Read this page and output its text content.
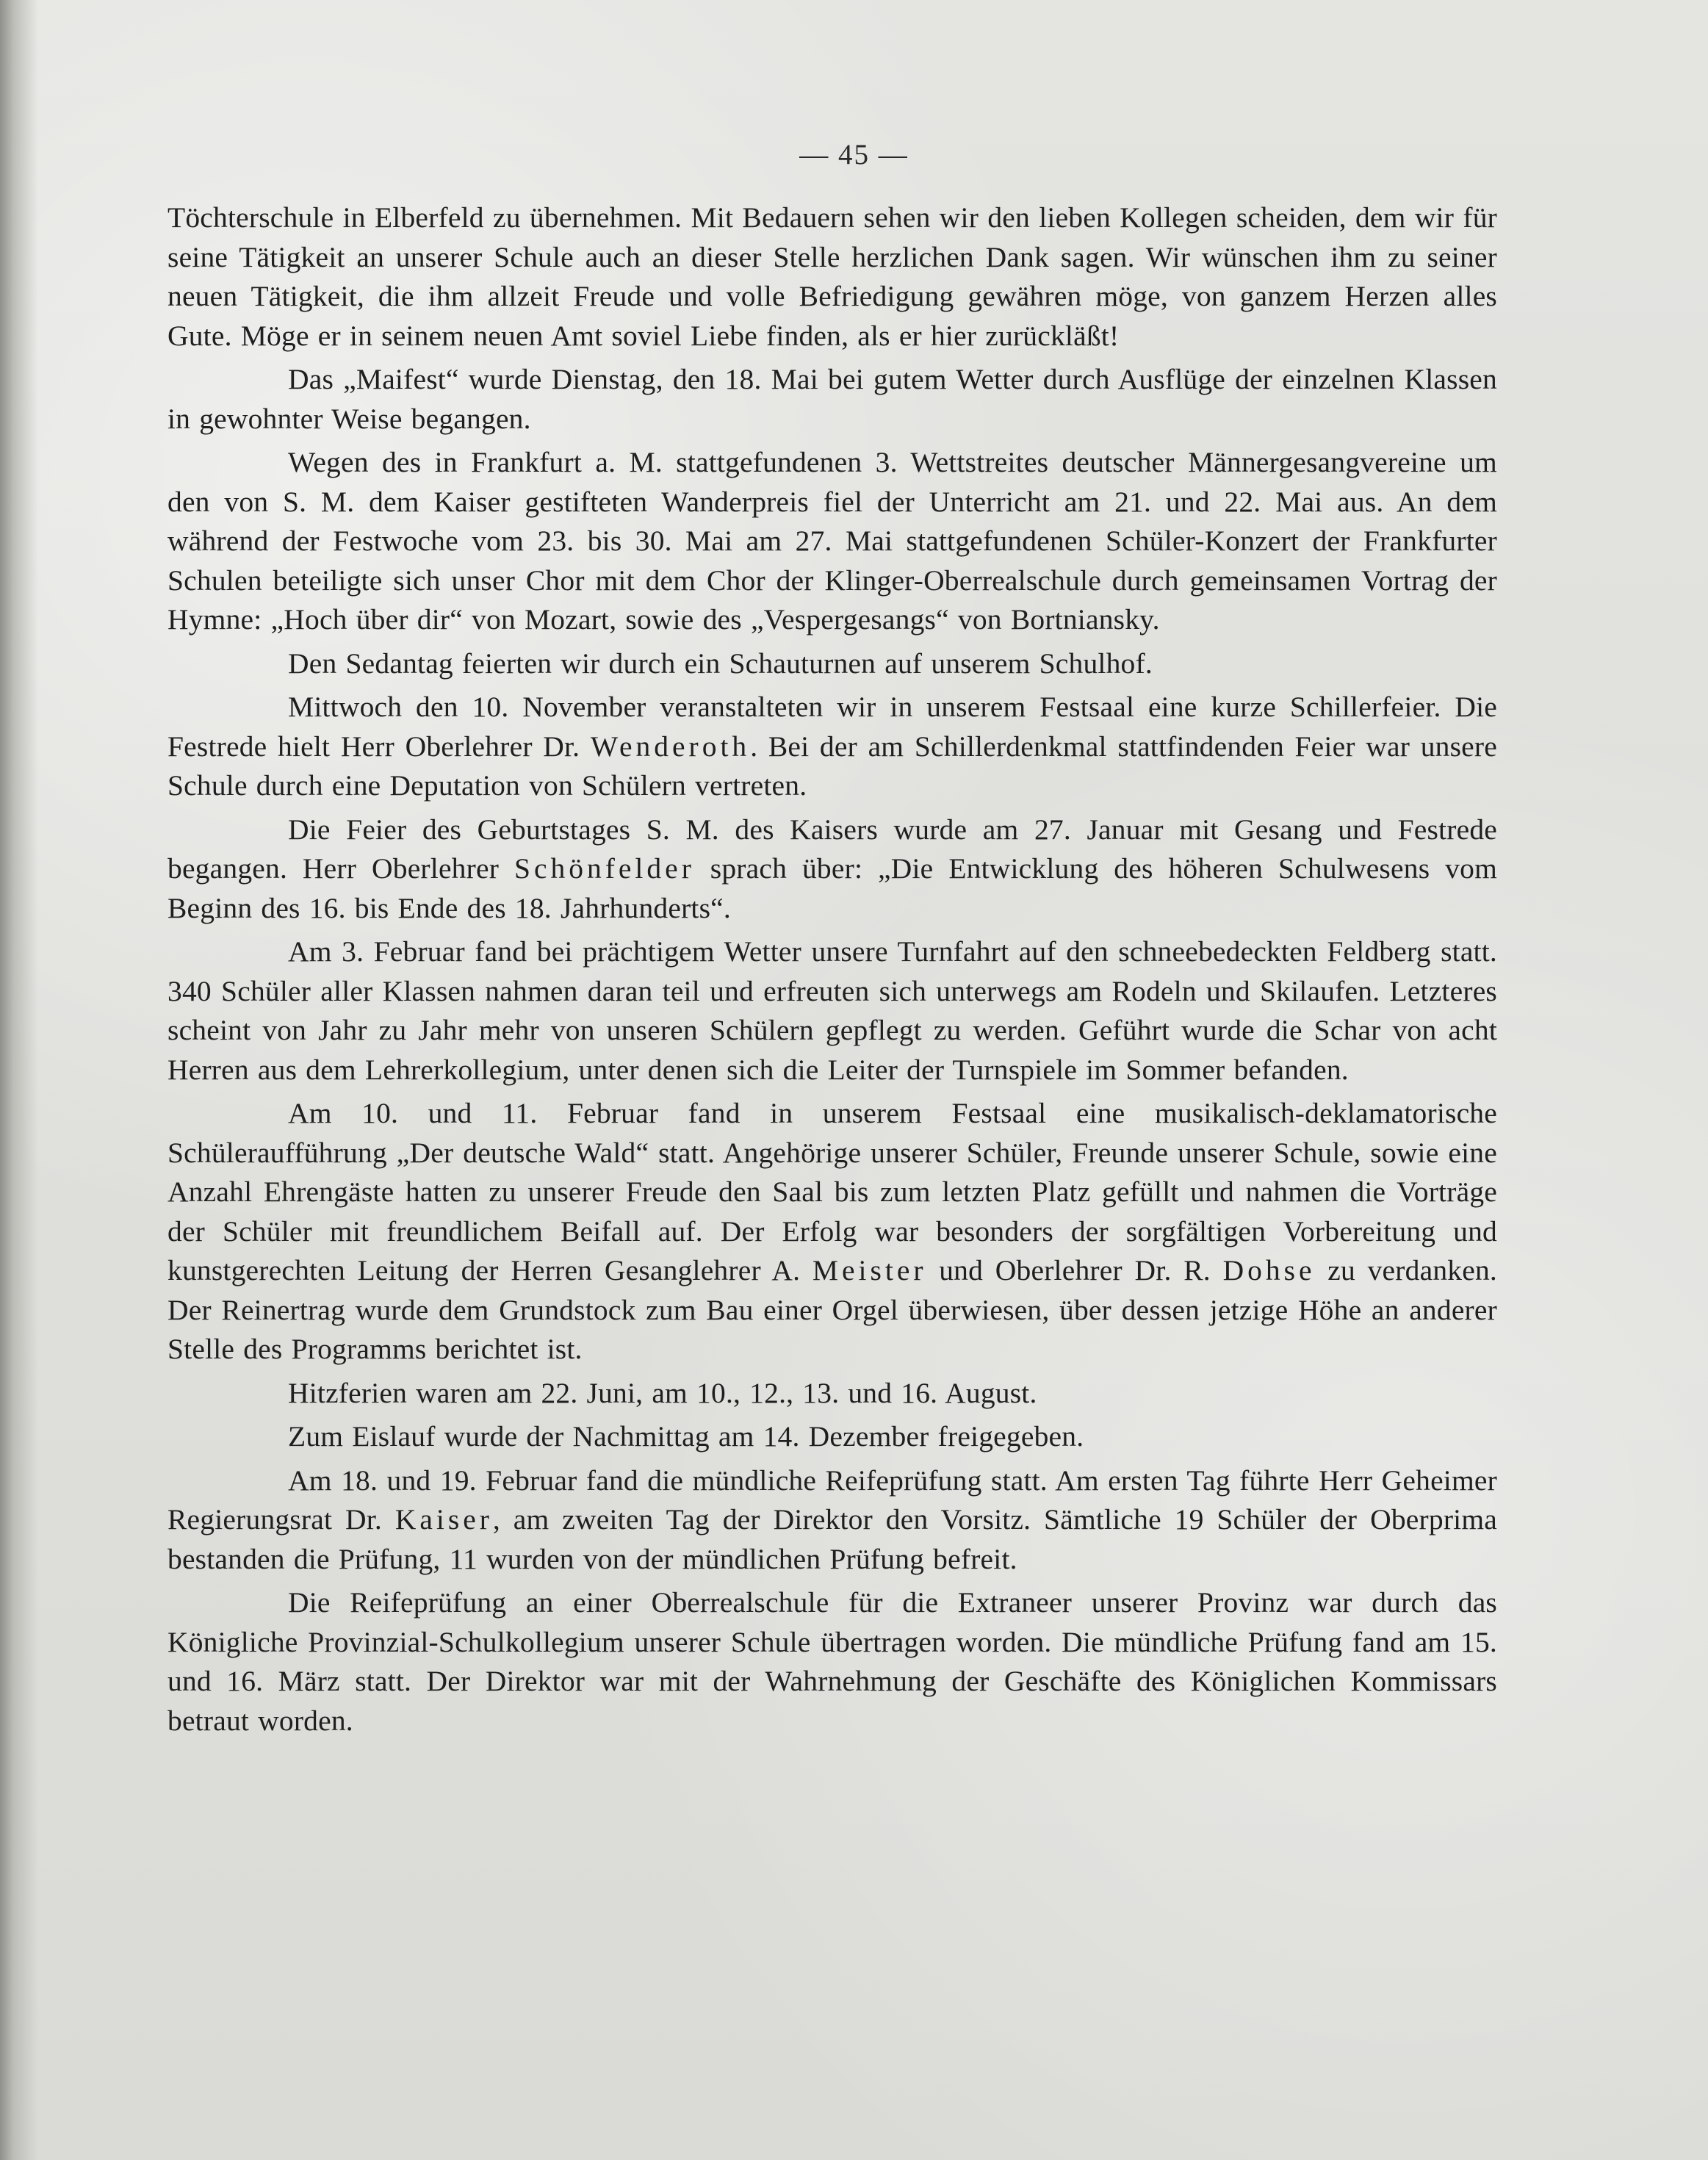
— 45 —

Töchterschule in Elberfeld zu übernehmen. Mit Bedauern sehen wir den lieben Kollegen scheiden, dem wir für seine Tätigkeit an unserer Schule auch an dieser Stelle herzlichen Dank sagen. Wir wünschen ihm zu seiner neuen Tätigkeit, die ihm allzeit Freude und volle Befriedigung gewähren möge, von ganzem Herzen alles Gute. Möge er in seinem neuen Amt soviel Liebe finden, als er hier zurückläßt!

Das „Maifest“ wurde Dienstag, den 18. Mai bei gutem Wetter durch Ausflüge der einzelnen Klassen in gewohnter Weise begangen.

Wegen des in Frankfurt a. M. stattgefundenen 3. Wettstreites deutscher Männergesangvereine um den von S. M. dem Kaiser gestifteten Wanderpreis fiel der Unterricht am 21. und 22. Mai aus. An dem während der Festwoche vom 23. bis 30. Mai am 27. Mai stattgefundenen Schüler-Konzert der Frankfurter Schulen beteiligte sich unser Chor mit dem Chor der Klinger-Oberrealschule durch gemeinsamen Vortrag der Hymne: „Hoch über dir“ von Mozart, sowie des „Vespergesangs“ von Bortniansky.

Den Sedantag feierten wir durch ein Schauturnen auf unserem Schulhof.

Mittwoch den 10. November veranstalteten wir in unserem Festsaal eine kurze Schillerfeier. Die Festrede hielt Herr Oberlehrer Dr. Wenderoth. Bei der am Schillerdenkmal stattfindenden Feier war unsere Schule durch eine Deputation von Schülern vertreten.

Die Feier des Geburtstages S. M. des Kaisers wurde am 27. Januar mit Gesang und Festrede begangen. Herr Oberlehrer Schönfelder sprach über: „Die Entwicklung des höheren Schulwesens vom Beginn des 16. bis Ende des 18. Jahrhunderts“.

Am 3. Februar fand bei prächtigem Wetter unsere Turnfahrt auf den schneebedeckten Feldberg statt. 340 Schüler aller Klassen nahmen daran teil und erfreuten sich unterwegs am Rodeln und Skilaufen. Letzteres scheint von Jahr zu Jahr mehr von unseren Schülern gepflegt zu werden. Geführt wurde die Schar von acht Herren aus dem Lehrerkollegium, unter denen sich die Leiter der Turnspiele im Sommer befanden.

Am 10. und 11. Februar fand in unserem Festsaal eine musikalisch-deklamatorische Schüleraufführung „Der deutsche Wald“ statt. Angehörige unserer Schüler, Freunde unserer Schule, sowie eine Anzahl Ehrengäste hatten zu unserer Freude den Saal bis zum letzten Platz gefüllt und nahmen die Vorträge der Schüler mit freundlichem Beifall auf. Der Erfolg war besonders der sorgfältigen Vorbereitung und kunstgerechten Leitung der Herren Gesanglehrer A. Meister und Oberlehrer Dr. R. Dohse zu verdanken. Der Reinertrag wurde dem Grundstock zum Bau einer Orgel überwiesen, über dessen jetzige Höhe an anderer Stelle des Programms berichtet ist.

Hitzferien waren am 22. Juni, am 10., 12., 13. und 16. August.

Zum Eislauf wurde der Nachmittag am 14. Dezember freigegeben.

Am 18. und 19. Februar fand die mündliche Reifeprüfung statt. Am ersten Tag führte Herr Geheimer Regierungsrat Dr. Kaiser, am zweiten Tag der Direktor den Vorsitz. Sämtliche 19 Schüler der Oberprima bestanden die Prüfung, 11 wurden von der mündlichen Prüfung befreit.

Die Reifeprüfung an einer Oberrealschule für die Extraneer unserer Provinz war durch das Königliche Provinzial-Schulkollegium unserer Schule übertragen worden. Die mündliche Prüfung fand am 15. und 16. März statt. Der Direktor war mit der Wahrnehmung der Geschäfte des Königlichen Kommissars betraut worden.
